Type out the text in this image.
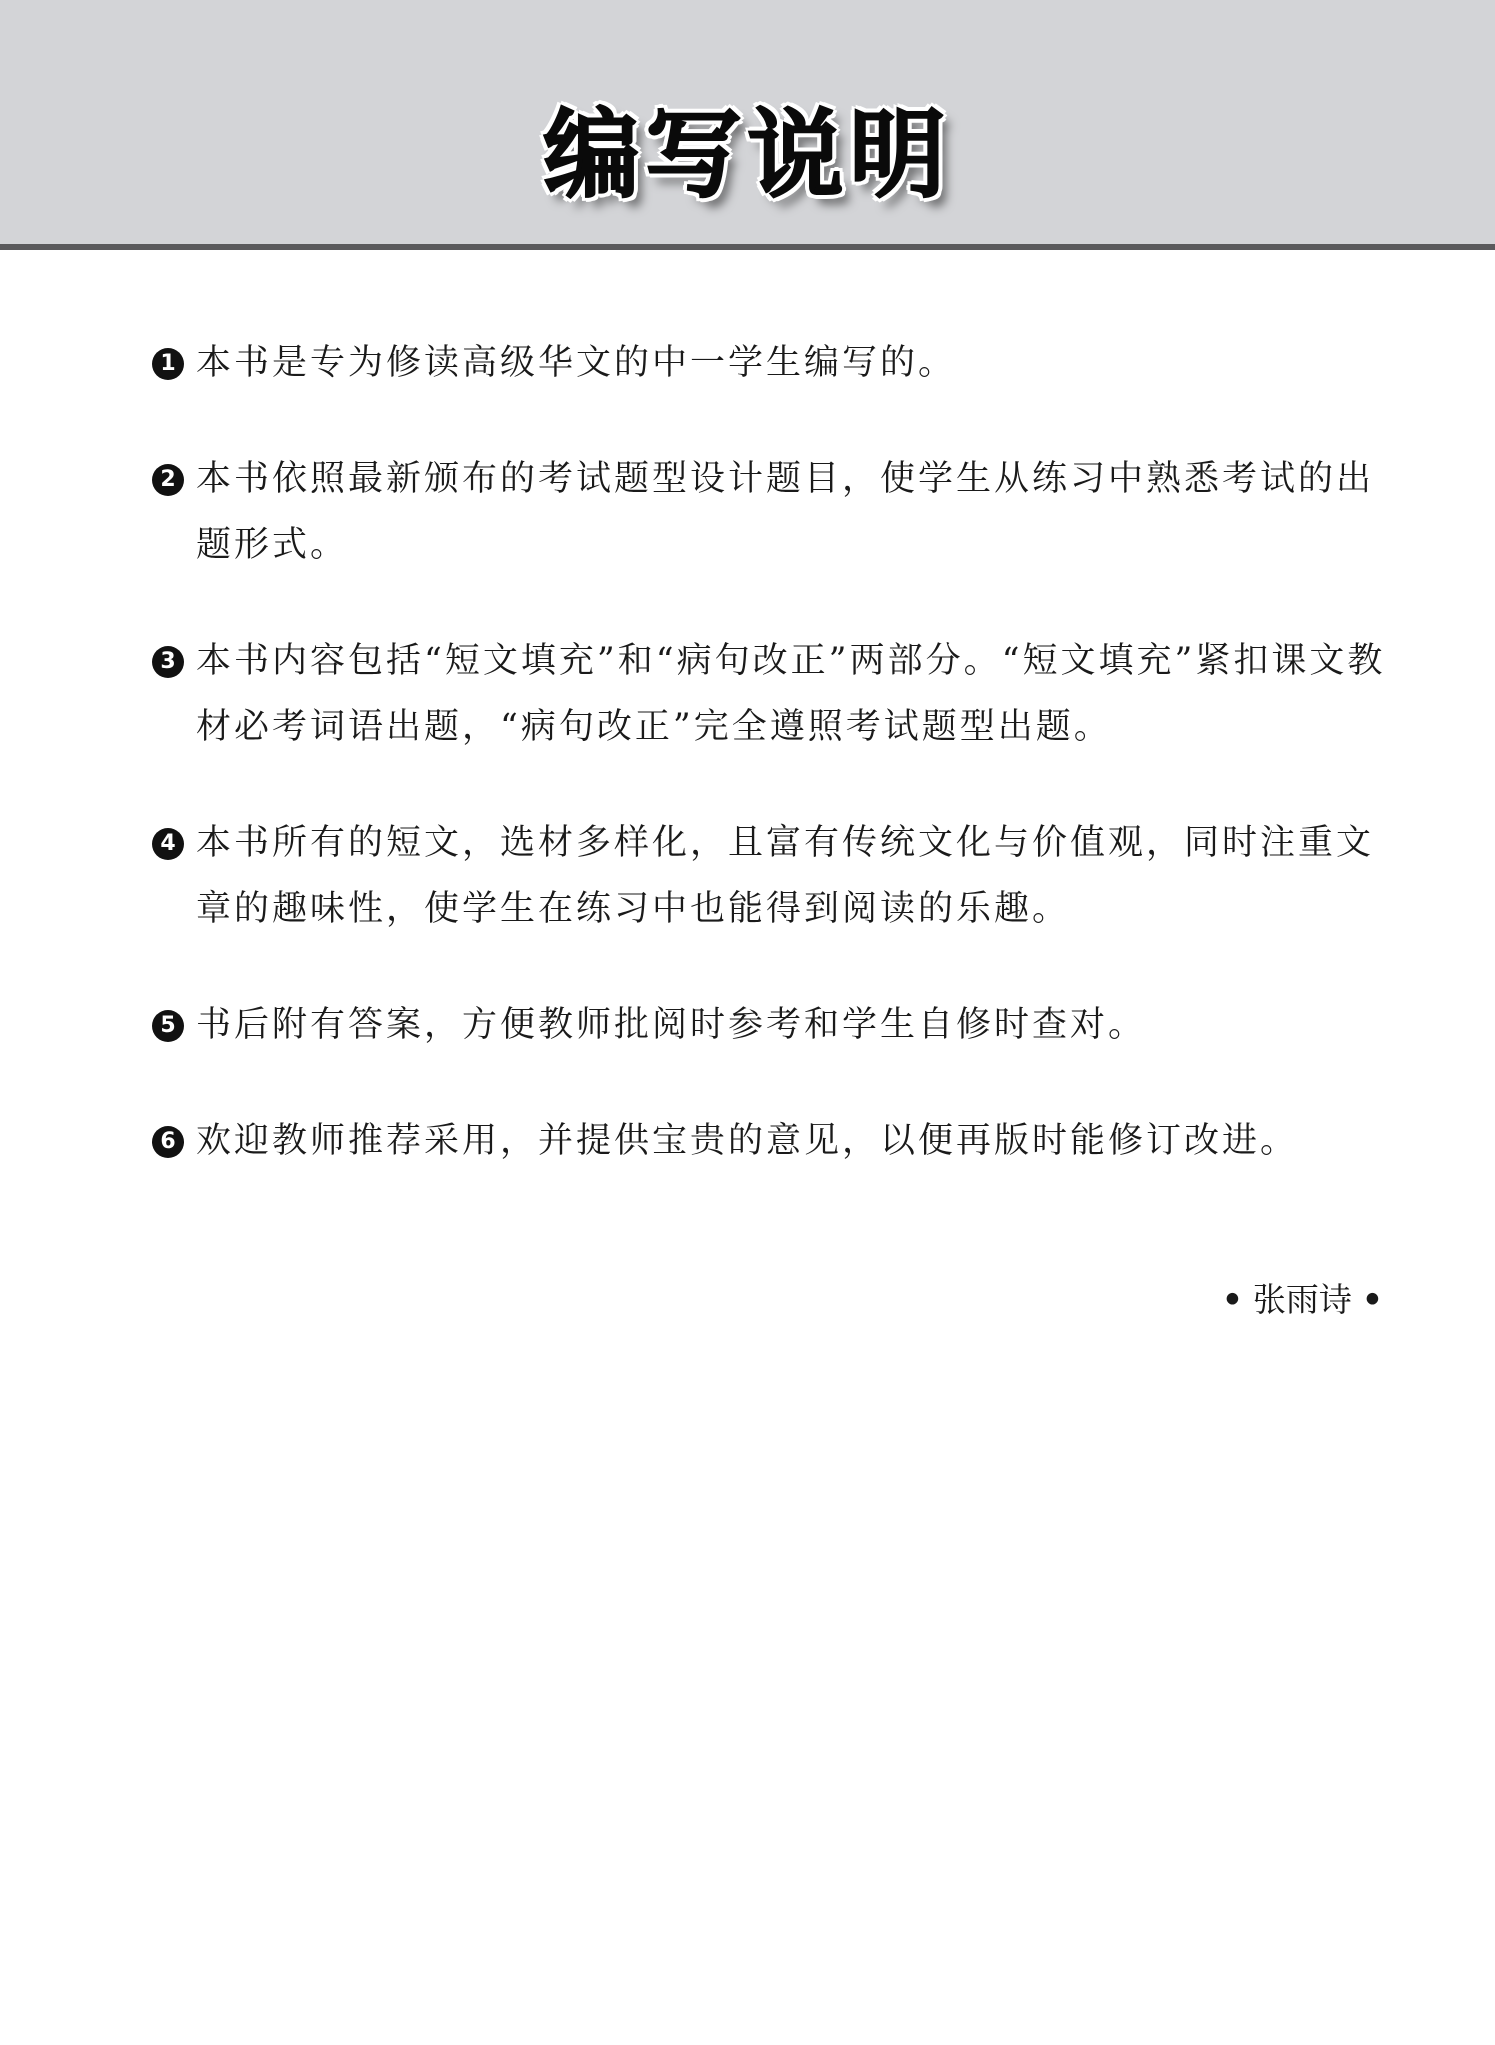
编写说明
1 本书是专为修读高级华文的中一学生编写的。
2 本书依照最新颁布的考试题型设计题目，使学生从练习中熟悉考试的出题形式。
3 本书内容包括“短文填充”和“病句改正”两部分。“短文填充”紧扣课文教材必考词语出题，“病句改正”完全遵照考试题型出题。
4 本书所有的短文，选材多样化，且富有传统文化与价值观，同时注重文章的趣味性，使学生在练习中也能得到阅读的乐趣。
5 书后附有答案，方便教师批阅时参考和学生自修时查对。
6 欢迎教师推荐采用，并提供宝贵的意见，以便再版时能修订改进。
• 张雨诗 •
